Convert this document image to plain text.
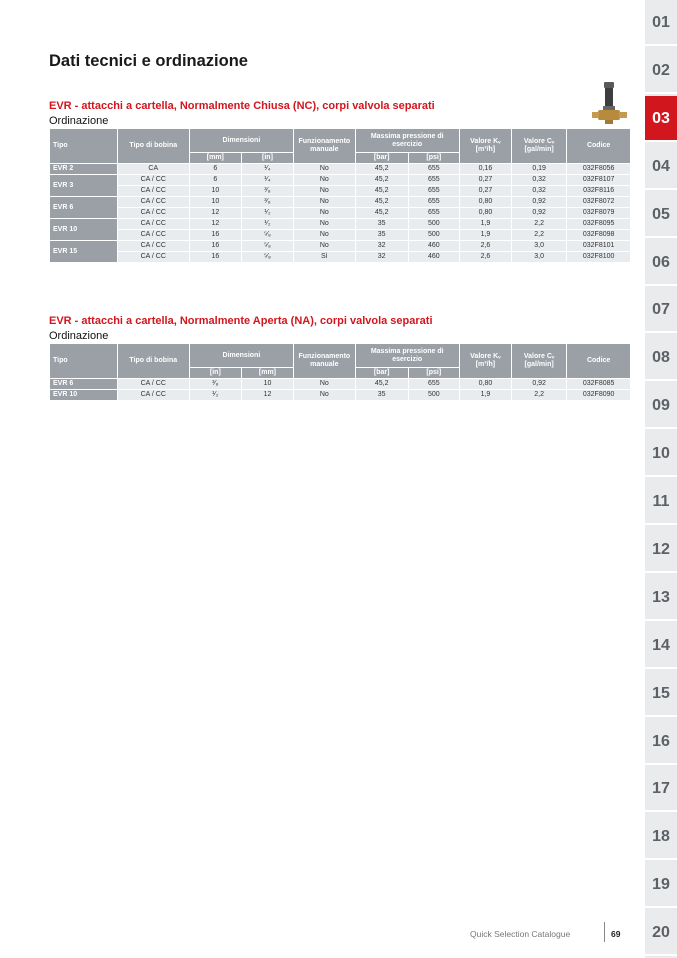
Dati tecnici e ordinazione
EVR - attacchi a cartella, Normalmente Chiusa (NC), corpi valvola separati
Ordinazione
Tipo	Tipo di bobina	Dimensioni		Funzionamento manuale	Massima pressione di esercizio		Valore Kᵥ [m³/h]	Valore Cᵥ [gal/min]	Codice
		[mm]	[in]		[bar]	[psi]			
EVR 2	CA	6	¹⁄₄	No	45,2	655	0,16	0,19	032F8056
EVR 3	CA / CC	6	¹⁄₄	No	45,2	655	0,27	0,32	032F8107
	CA / CC	10	³⁄₈	No	45,2	655	0,27	0,32	032F8116
EVR 6	CA / CC	10	³⁄₈	No	45,2	655	0,80	0,92	032F8072
	CA / CC	12	¹⁄₂	No	45,2	655	0,80	0,92	032F8079
EVR 10	CA / CC	12	¹⁄₂	No	35	500	1,9	2,2	032F8095
	CA / CC	16	⁵⁄₈	No	35	500	1,9	2,2	032F8098
EVR 15	CA / CC	16	⁵⁄₈	No	32	460	2,6	3,0	032F8101
	CA / CC	16	⁵⁄₈	Sì	32	460	2,6	3,0	032F8100
EVR - attacchi a cartella, Normalmente Aperta (NA), corpi valvola separati
Ordinazione
Tipo	Tipo di bobina	Dimensioni		Funzionamento manuale	Massima pressione di esercizio		Valore Kᵥ [m³/h]	Valore Cᵥ [gal/min]	Codice
		[in]	[mm]		[bar]	[psi]			
EVR 6	CA / CC	³⁄₈	10	No	45,2	655	0,80	0,92	032F8085
EVR 10	CA / CC	¹⁄₂	12	No	35	500	1,9	2,2	032F8090
01
02
03
04
05
06
07
08
09
10
11
12
13
14
15
16
17
18
19
20
Quick Selection Catalogue	69
